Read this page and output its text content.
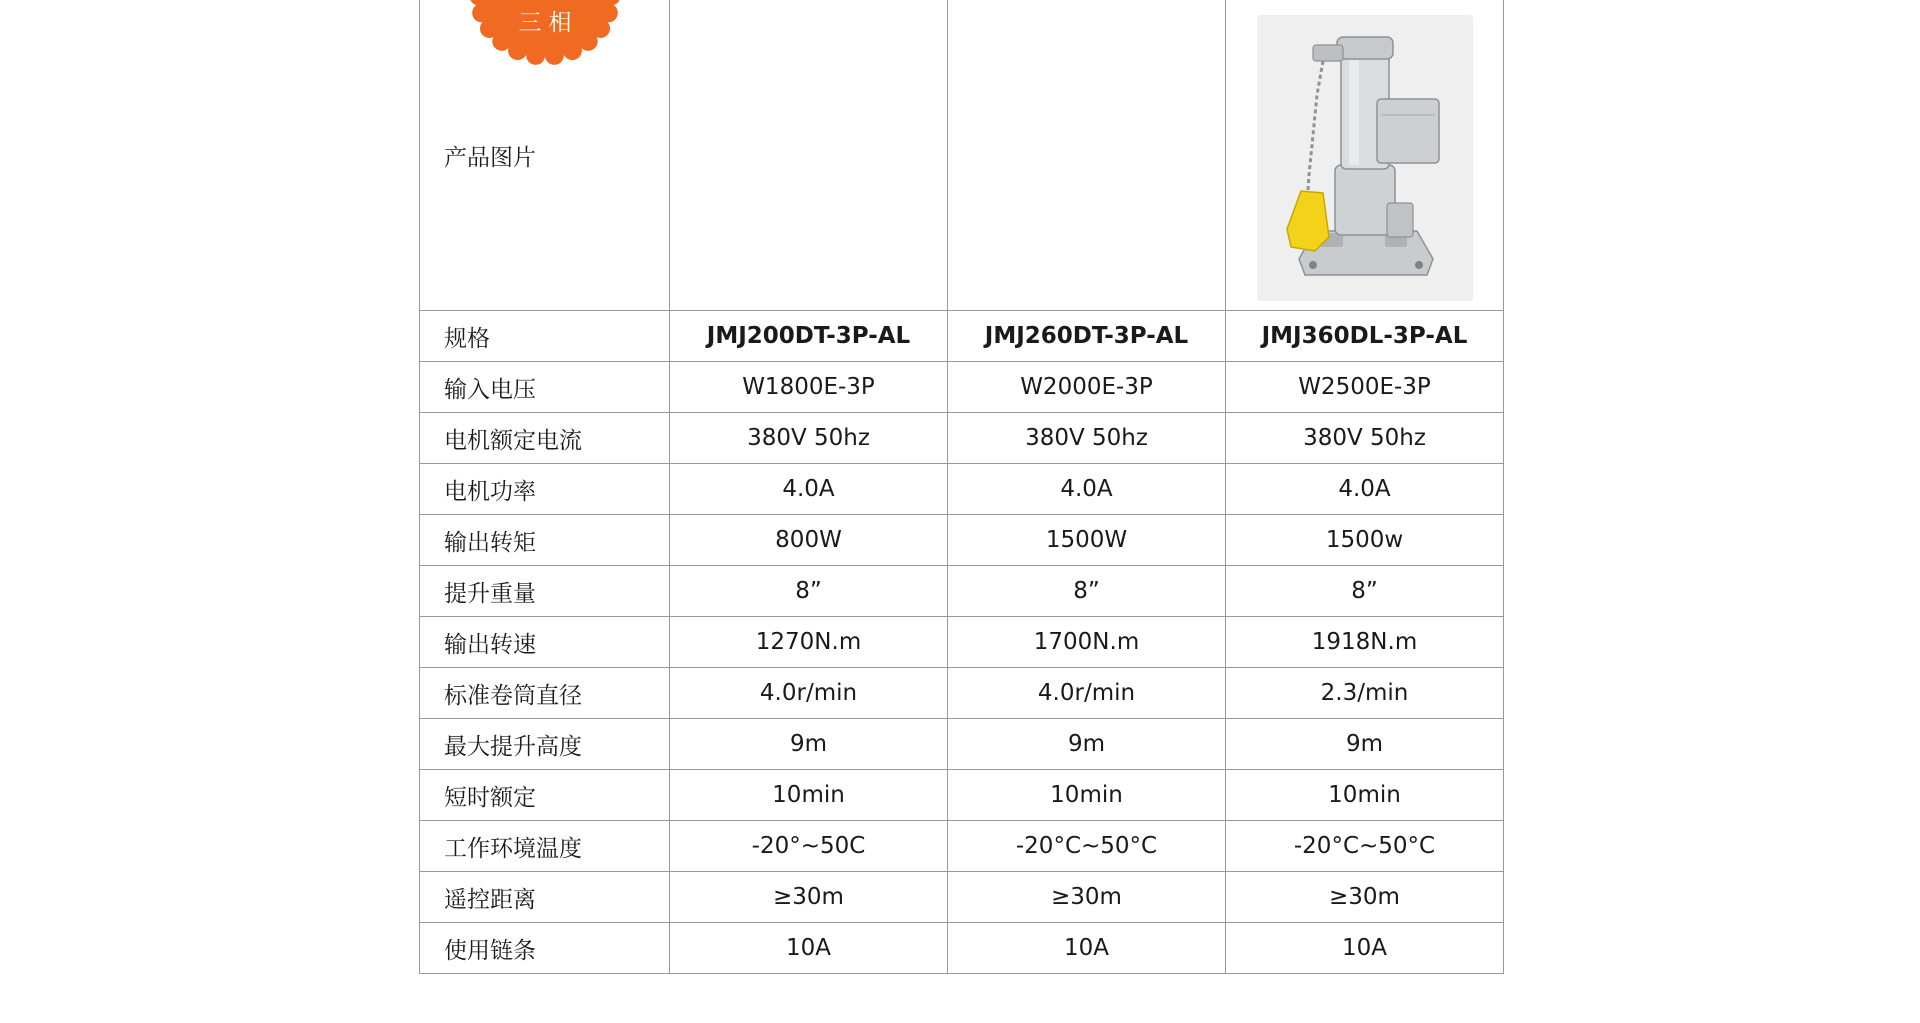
产品图片			

规格	JMJ200DT-3P-AL	JMJ260DT-3P-AL	JMJ360DL-3P-AL
输入电压	W1800E-3P	W2000E-3P	W2500E-3P
电机额定电流	380V 50hz	380V 50hz	380V 50hz
电机功率	4.0A	4.0A	4.0A
输出转矩	800W	1500W	1500w
提升重量	8”	8”	8”
输出转速	1270N.m	1700N.m	1918N.m
标准卷筒直径	4.0r/min	4.0r/min	2.3/min
最大提升高度	9m	9m	9m
短时额定	10min	10min	10min
工作环境温度	-20°~50C	-20°C~50°C	-20°C~50°C
遥控距离	≥30m	≥30m	≥30m
使用链条	10A	10A	10A
三相
